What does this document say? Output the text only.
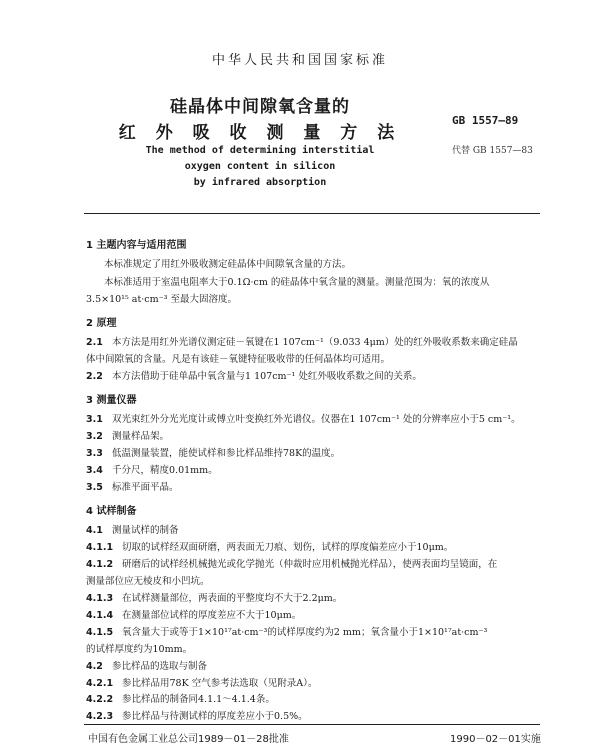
中华人民共和国国家标准
硅晶体中间隙氧含量的
红 外 吸 收 测 量 方 法
GB 1557—89
代替 GB 1557—83
The method of determining interstitial
oxygen content in silicon
by infrared absorption
1 主题内容与适用范围
本标准规定了用红外吸收测定硅晶体中间隙氧含量的方法。
本标准适用于室温电阻率大于0.1Ω·cm 的硅晶体中氧含量的测量。测量范围为：氧的浓度从
3.5×10¹⁵ at·cm⁻³ 至最大固溶度。
2 原理
2.1 本方法是用红外光谱仪测定硅－氧键在1 107cm⁻¹（9.033 4μm）处的红外吸收系数来确定硅晶
体中间隙氧的含量。凡是有该硅－氧键特征吸收带的任何晶体均可适用。
2.2 本方法借助于硅单晶中氧含量与1 107cm⁻¹ 处红外吸收系数之间的关系。
3 测量仪器
3.1 双光束红外分光光度计或傅立叶变换红外光谱仪。仪器在1 107cm⁻¹ 处的分辨率应小于5 cm⁻¹。
3.2 测量样品架。
3.3 低温测量装置，能使试样和参比样品维持78K的温度。
3.4 千分尺，精度0.01mm。
3.5 标准平面平晶。
4 试样制备
4.1 测量试样的制备
4.1.1 切取的试样经双面研磨，两表面无刀痕、划伤，试样的厚度偏差应小于10μm。
4.1.2 研磨后的试样经机械抛光或化学抛光（仲裁时应用机械抛光样品），使两表面均呈镜面，在
测量部位应无棱皮和小凹坑。
4.1.3 在试样测量部位，两表面的平整度均不大于2.2μm。
4.1.4 在测量部位试样的厚度差应不大于10μm。
4.1.5 氧含量大于或等于1×10¹⁷at·cm⁻³的试样厚度约为2 mm；氧含量小于1×10¹⁷at·cm⁻³
的试样厚度约为10mm。
4.2 参比样品的选取与制备
4.2.1 参比样品用78K 空气参考法选取（见附录A）。
4.2.2 参比样品的制备同4.1.1～4.1.4条。
4.2.3 参比样品与待测试样的厚度差应小于0.5%。
中国有色金属工业总公司1989－01－28批准	1990－02－01实施
